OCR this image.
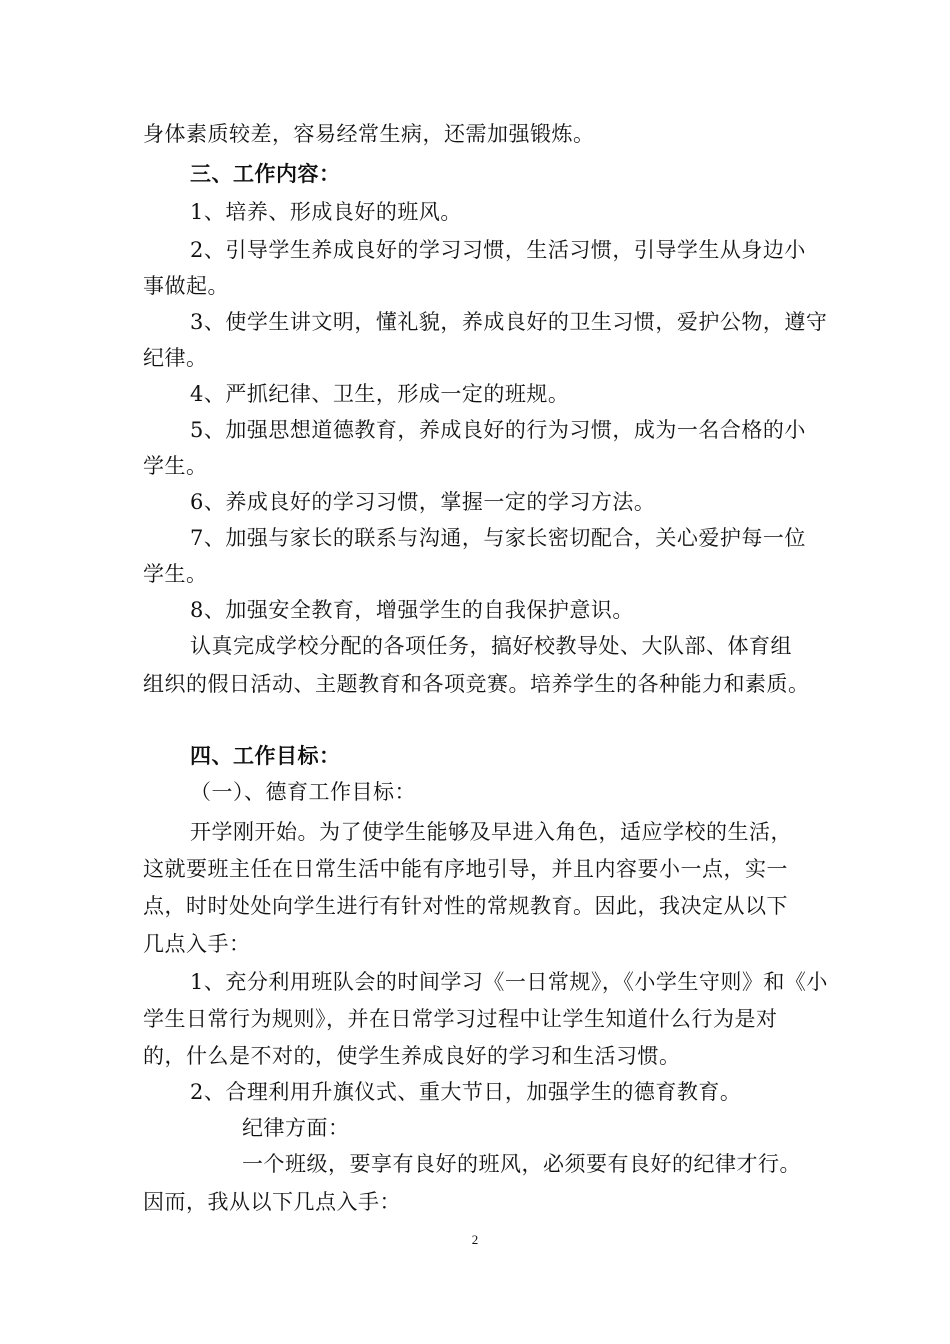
身体素质较差，容易经常生病，还需加强锻炼。
三、工作内容：
1、培养、形成良好的班风。
2、引导学生养成良好的学习习惯，生活习惯，引导学生从身边小
事做起。
3、使学生讲文明，懂礼貌，养成良好的卫生习惯，爱护公物，遵守
纪律。
4、严抓纪律、卫生，形成一定的班规。
5、加强思想道德教育，养成良好的行为习惯，成为一名合格的小
学生。
6、养成良好的学习习惯，掌握一定的学习方法。
7、加强与家长的联系与沟通，与家长密切配合，关心爱护每一位
学生。
8、加强安全教育，增强学生的自我保护意识。
认真完成学校分配的各项任务，搞好校教导处、大队部、体育组
组织的假日活动、主题教育和各项竞赛。培养学生的各种能力和素质。
四、工作目标：
（一）、德育工作目标：
开学刚开始。为了使学生能够及早进入角色，适应学校的生活，
这就要班主任在日常生活中能有序地引导，并且内容要小一点，实一
点，时时处处向学生进行有针对性的常规教育。因此，我决定从以下
几点入手：
1、充分利用班队会的时间学习《一日常规》，《小学生守则》和《小
学生日常行为规则》，并在日常学习过程中让学生知道什么行为是对
的，什么是不对的，使学生养成良好的学习和生活习惯。
2、合理利用升旗仪式、重大节日，加强学生的德育教育。
纪律方面：
一个班级，要享有良好的班风，必须要有良好的纪律才行。
因而，我从以下几点入手：
2
